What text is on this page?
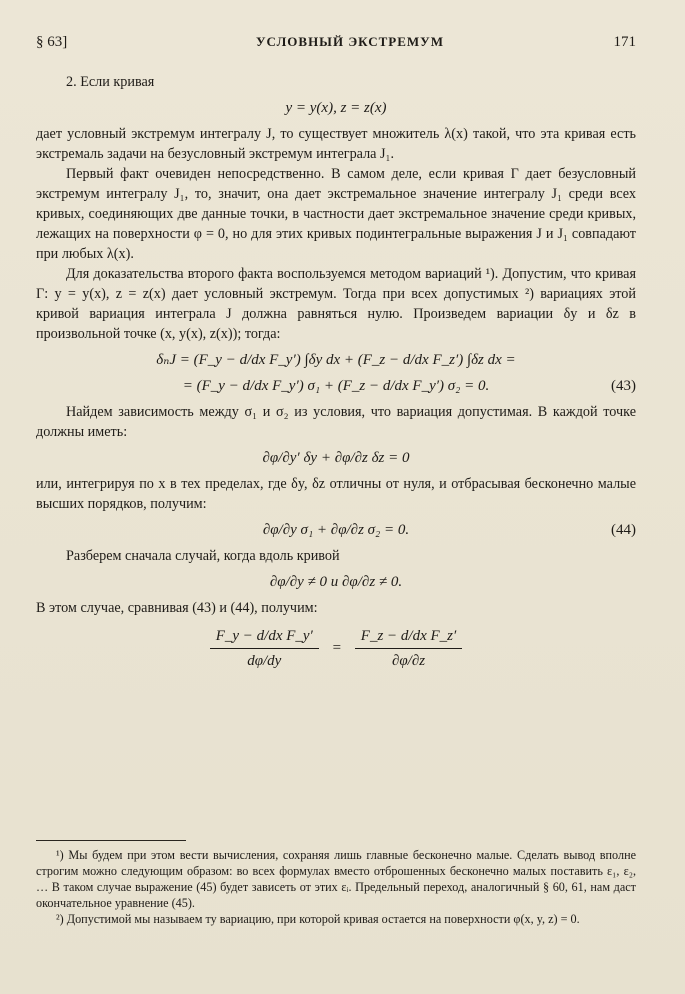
§ 63]	УСЛОВНЫЙ ЭКСТРЕМУМ	171

2. Если кривая

y = y(x), z = z(x)

дает условный экстремум интегралу J, то существует множитель λ(x) такой, что эта кривая есть экстремаль задачи на безусловный экстремум интеграла J₁.

Первый факт очевиден непосредственно. В самом деле, если кривая Γ дает безусловный экстремум интегралу J₁, то, значит, она дает экстремальное значение интегралу J₁ среди всех кривых, соединяющих две данные точки, в частности дает экстремальное значение среди кривых, лежащих на поверхности φ = 0, но для этих кривых подинтегральные выражения J и J₁ совпадают при любых λ(x).

Для доказательства второго факта воспользуемся методом вариаций ¹). Допустим, что кривая Γ: y = y(x), z = z(x) дает условный экстремум. Тогда при всех допустимых ²) вариациях этой кривой вариация интеграла J должна равняться нулю. Произведем вариации δy и δz в произвольной точке (x, y(x), z(x)); тогда:

δₙJ = (F_y − d/dx F_y′) ∫δy dx + (F_z − d/dx F_z′) ∫δz dx =
= (F_y − d/dx F_y′) σ₁ + (F_z − d/dx F_y′) σ₂ = 0.	(43)

Найдем зависимость между σ₁ и σ₂ из условия, что вариация допустимая. В каждой точке должны иметь:

∂φ/∂y′ δy + ∂φ/∂z δz = 0

или, интегрируя по x в тех пределах, где δy, δz отличны от нуля, и отбрасывая бесконечно малые высших порядков, получим:

∂φ/∂y σ₁ + ∂φ/∂z σ₂ = 0.	(44)

Разберем сначала случай, когда вдоль кривой

∂φ/∂y ≠ 0 и ∂φ/∂z ≠ 0.

В этом случае, сравнивая (43) и (44), получим:

$\frac{\text{F\_y − d/dx F\_y′}}{d\varphi/dy} = \frac{\text{F\_z − d/dx F\_z′}}{\partial\varphi/\partial z}$

¹) Мы будем при этом вести вычисления, сохраняя лишь главные бесконечно малые. Сделать вывод вполне строгим можно следующим образом: во всех формулах вместо отброшенных бесконечно малых поставить ε₁, ε₂, … В таком случае выражение (45) будет зависеть от этих εᵢ. Предельный переход, аналогичный § 60, 61, нам даст окончательное уравнение (45).

²) Допустимой мы называем ту вариацию, при которой кривая остается на поверхности φ(x, y, z) = 0.
